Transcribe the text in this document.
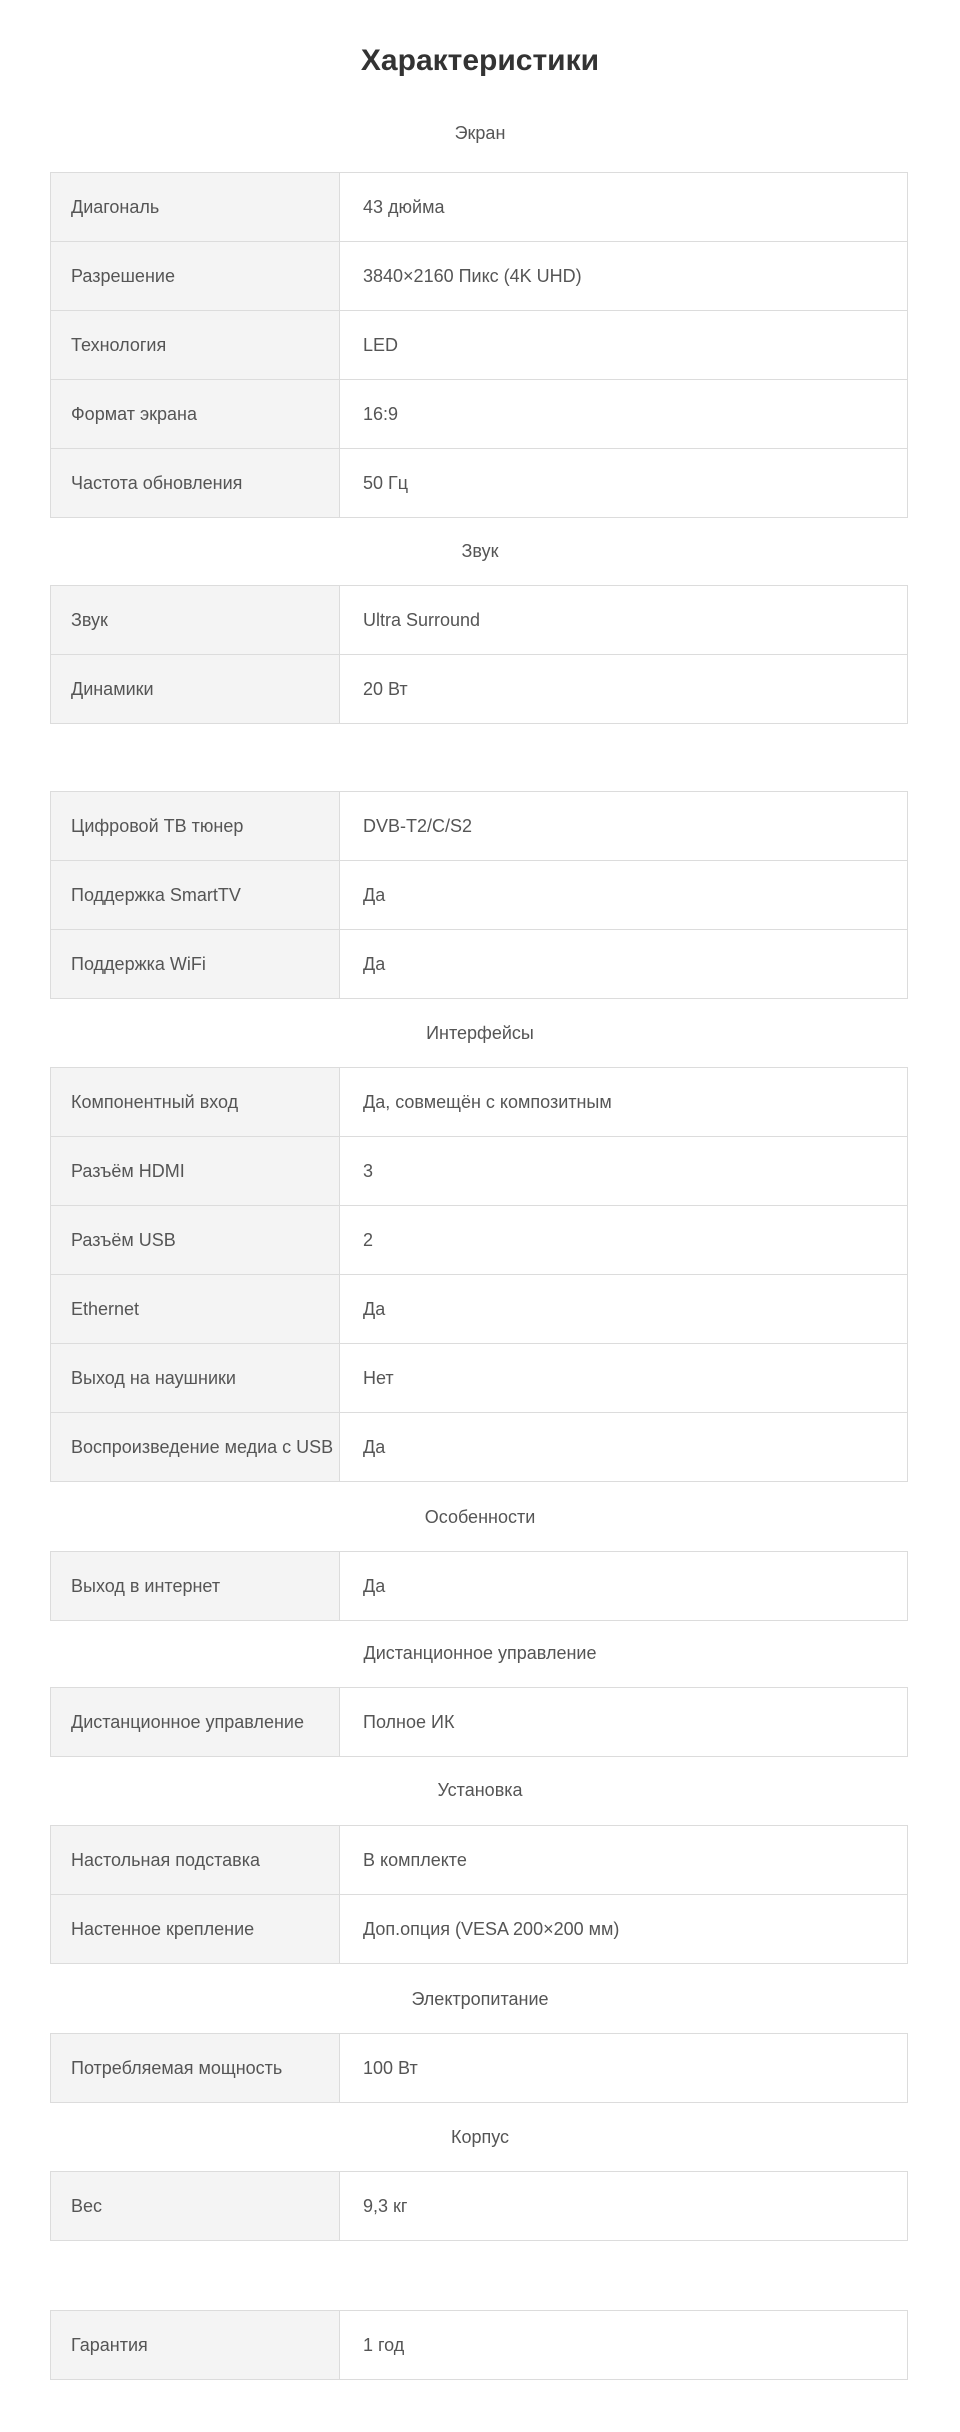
Характеристики
Экран
Диагональ	43 дюйма
Разрешение	3840×2160 Пикс (4K UHD)
Технология	LED
Формат экрана	16:9
Частота обновления	50 Гц
Звук
Звук	Ultra Surround
Динамики	20 Вт
Цифровой ТВ тюнер	DVB-T2/C/S2
Поддержка SmartTV	Да
Поддержка WiFi	Да
Интерфейсы
Компонентный вход	Да, совмещён с композитным
Разъём HDMI	3
Разъём USB	2
Ethernet	Да
Выход на наушники	Нет
Воспроизведение медиа с USB	Да
Особенности
Выход в интернет	Да
Дистанционное управление
Дистанционное управление	Полное ИК
Установка
Настольная подставка	В комплекте
Настенное крепление	Доп.опция (VESA 200×200 мм)
Электропитание
Потребляемая мощность	100 Вт
Корпус
Вес	9,3 кг
Гарантия	1 год
